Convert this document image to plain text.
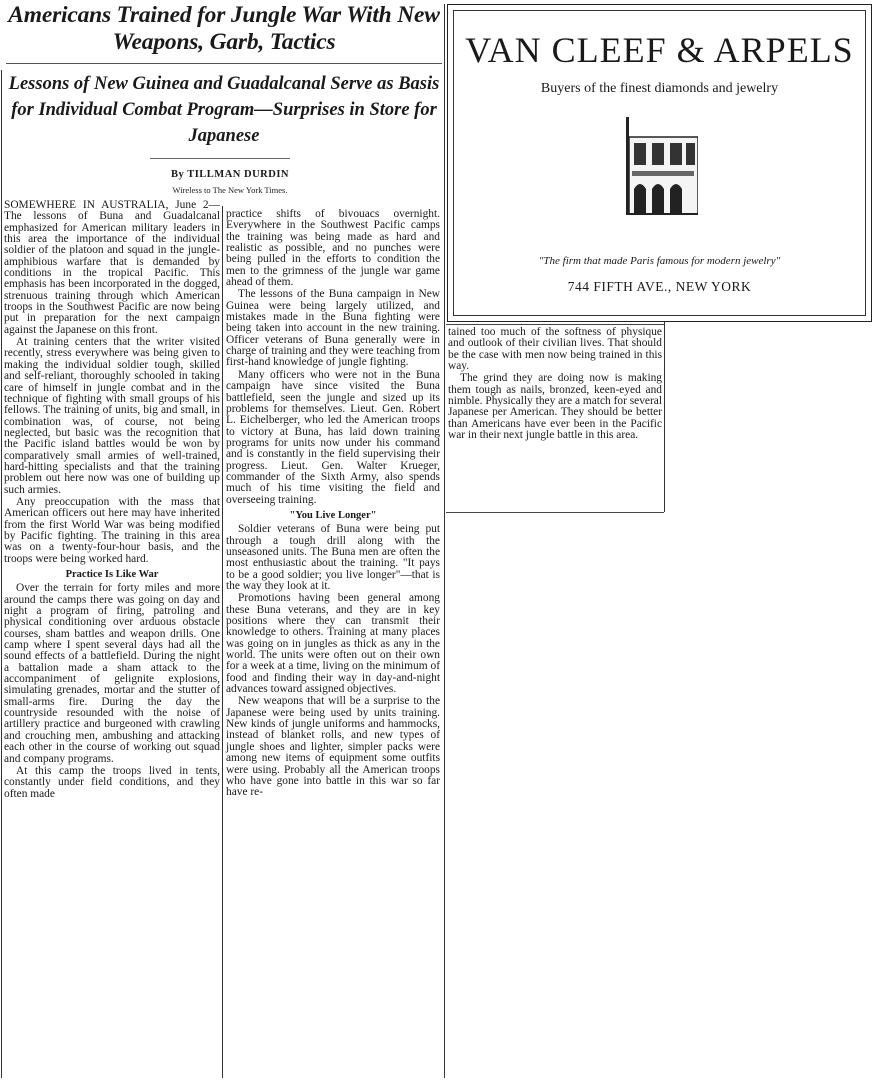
Americans Trained for Jungle War With New Weapons, Garb, Tactics
Lessons of New Guinea and Guadalcanal Serve as Basis for Individual Combat Program—Surprises in Store for Japanese
By TILLMAN DURDIN
Wireless to The New York Times.

SOMEWHERE IN AUSTRALIA, June 2—The lessons of Buna and Guadalcanal emphasized for American military leaders in this area the importance of the individual soldier of the platoon and squad in the jungle-amphibious warfare that is demanded by conditions in the tropical Pacific. This emphasis has been incorporated in the dogged, strenuous training through which American troops in the Southwest Pacific are now being put in preparation for the next campaign against the Japanese on this front.

At training centers that the writer visited recently, stress everywhere was being given to making the individual soldier tough, skilled and self-reliant, thoroughly schooled in taking care of himself in jungle combat and in the technique of fighting with small groups of his fellows. The training of units, big and small, in combination was, of course, not being neglected, but basic was the recognition that the Pacific island battles would be won by comparatively small armies of well-trained, hard-hitting specialists and that the training problem out here now was one of building up such armies.

Any preoccupation with the mass that American officers out here may have inherited from the first World War was being modified by Pacific fighting. The training in this area was on a twenty-four-hour basis, and the troops were being worked hard.

Practice Is Like War

Over the terrain for forty miles and more around the camps there was going on day and night a program of firing, patroling and physical conditioning over arduous obstacle courses, sham battles and weapon drills. One camp where I spent several days had all the sound effects of a battlefield. During the night a battalion made a sham attack to the accompaniment of gelignite explosions, simulating grenades, mortar and the stutter of small-arms fire. During the day the countryside resounded with the noise of artillery practice and burgeoned with crawling and crouching men, ambushing and attacking each other in the course of working out squad and company programs.

At this camp the troops lived in tents, constantly under field conditions, and they often made

practice shifts of bivouacs overnight. Everywhere in the Southwest Pacific camps the training was being made as hard and realistic as possible, and no punches were being pulled in the efforts to condition the men to the grimness of the jungle war game ahead of them.

The lessons of the Buna campaign in New Guinea were being largely utilized, and mistakes made in the Buna fighting were being taken into account in the new training. Officer veterans of Buna generally were in charge of training and they were teaching from first-hand knowledge of jungle fighting.

Many officers who were not in the Buna campaign have since visited the Buna battlefield, seen the jungle and sized up its problems for themselves. Lieut. Gen. Robert L. Eichelberger, who led the American troops to victory at Buna, has laid down training programs for units now under his command and is constantly in the field supervising their progress. Lieut. Gen. Walter Krueger, commander of the Sixth Army, also spends much of his time visiting the field and overseeing training.

"You Live Longer"

Soldier veterans of Buna were being put through a tough drill along with the unseasoned units. The Buna men are often the most enthusiastic about the training. "It pays to be a good soldier; you live longer"—that is the way they look at it.

Promotions having been general among these Buna veterans, and they are in key positions where they can transmit their knowledge to others. Training at many places was going on in jungles as thick as any in the world. The units were often out on their own for a week at a time, living on the minimum of food and finding their way in day-and-night advances toward assigned objectives.

New weapons that will be a surprise to the Japanese were being used by units training. New kinds of jungle uniforms and hammocks, instead of blanket rolls, and new types of jungle shoes and lighter, simpler packs were among new items of equipment some outfits were using. Probably all the American troops who have gone into battle in this war so far have re-

tained too much of the softness of physique and outlook of their civilian lives. That should be the case with men now being trained in this way.

The grind they are doing now is making them tough as nails, bronzed, keen-eyed and nimble. Physically they are a match for several Japanese per American. They should be better than Americans have ever been in the Pacific war in their next jungle battle in this area.

VAN CLEEF & ARPELS
Buyers of the finest diamonds and jewelry
"The firm that made Paris famous for modern jewelry"
744 FIFTH AVE., NEW YORK
